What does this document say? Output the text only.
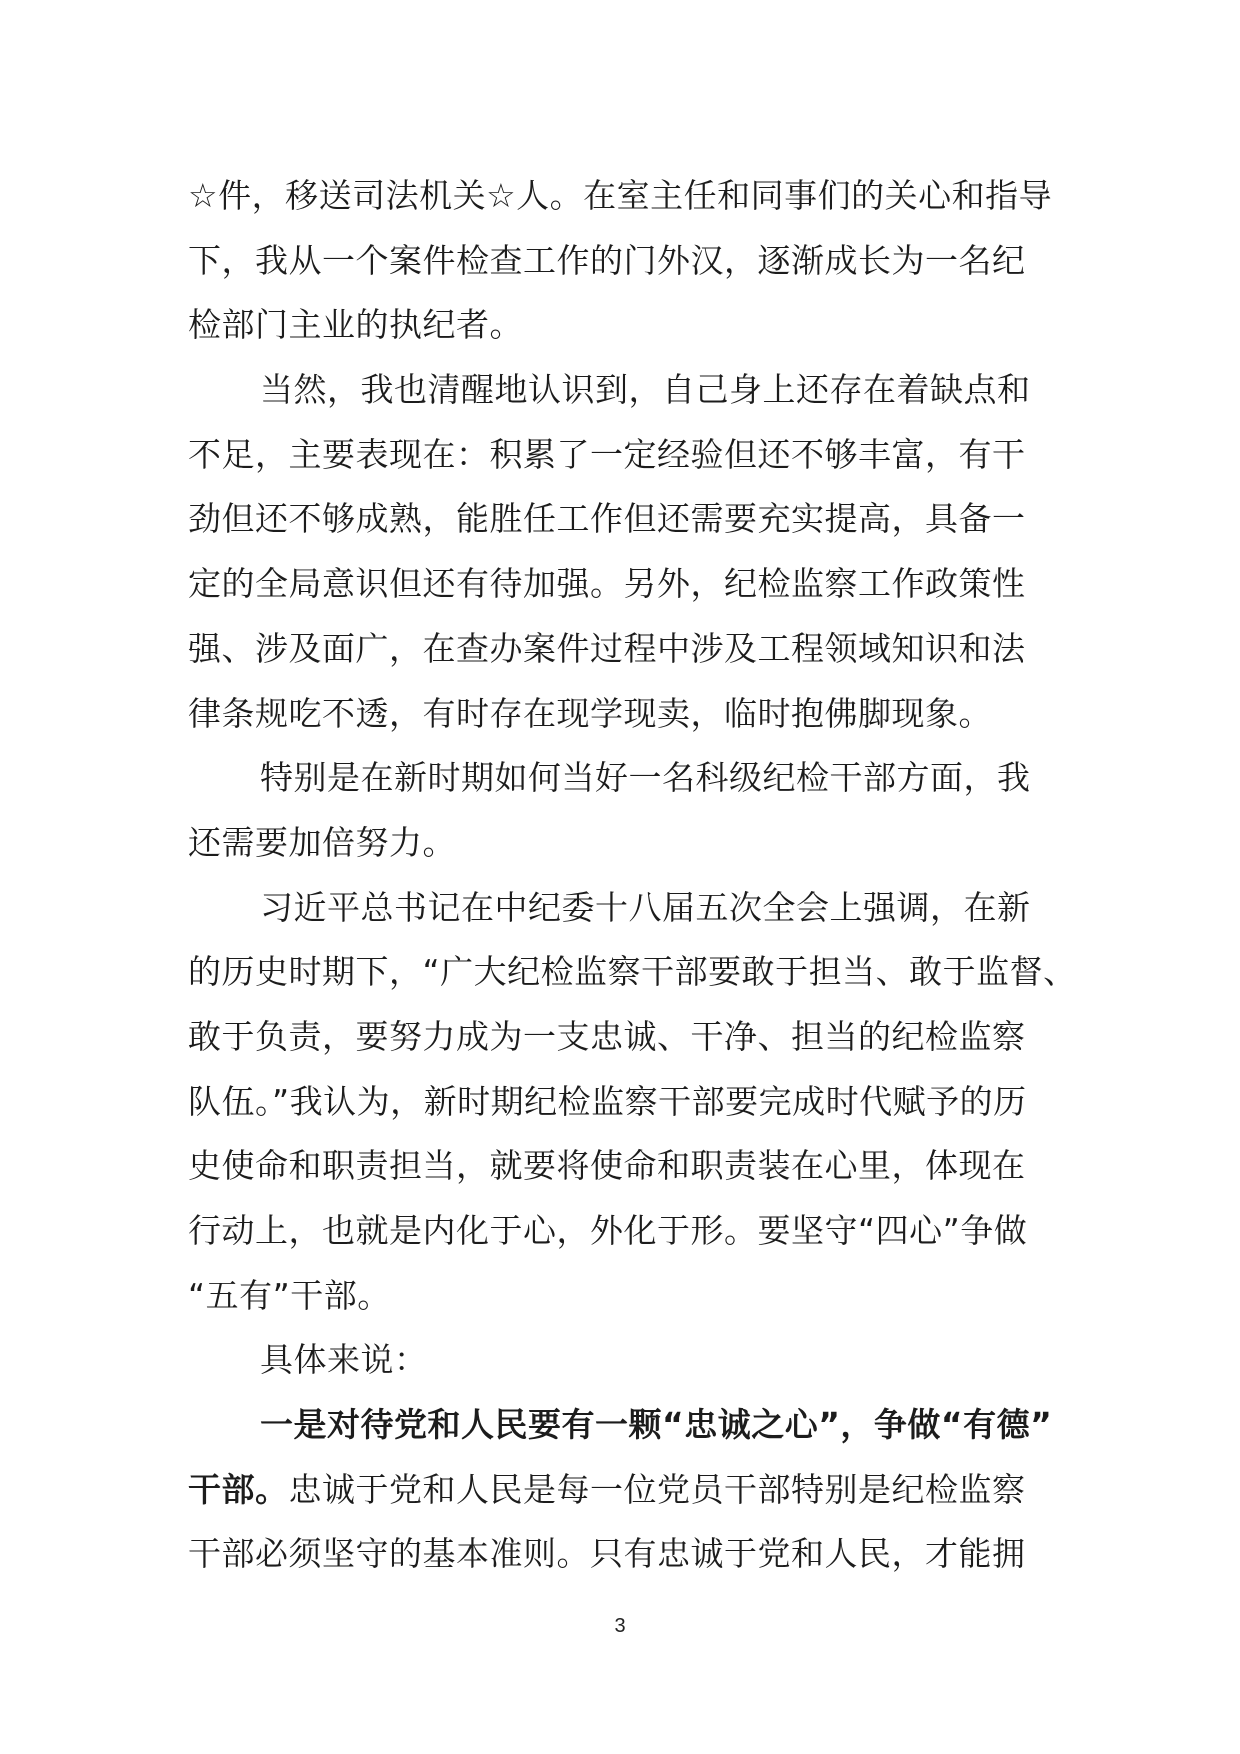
☆件，移送司法机关☆人。在室主任和同事们的关心和指导
下，我从一个案件检查工作的门外汉，逐渐成长为一名纪
检部门主业的执纪者。
当然，我也清醒地认识到，自己身上还存在着缺点和
不足，主要表现在：积累了一定经验但还不够丰富，有干
劲但还不够成熟，能胜任工作但还需要充实提高，具备一
定的全局意识但还有待加强。另外，纪检监察工作政策性
强、涉及面广，在查办案件过程中涉及工程领域知识和法
律条规吃不透，有时存在现学现卖，临时抱佛脚现象。
特别是在新时期如何当好一名科级纪检干部方面，我
还需要加倍努力。
习近平总书记在中纪委十八届五次全会上强调，在新
的历史时期下，“广大纪检监察干部要敢于担当、敢于监督、
敢于负责，要努力成为一支忠诚、干净、担当的纪检监察
队伍。”我认为，新时期纪检监察干部要完成时代赋予的历
史使命和职责担当，就要将使命和职责装在心里，体现在
行动上，也就是内化于心，外化于形。要坚守“四心”争做
“五有”干部。
具体来说：
一是对待党和人民要有一颗“忠诚之心”，争做“有德”
干部。忠诚于党和人民是每一位党员干部特别是纪检监察
干部必须坚守的基本准则。只有忠诚于党和人民，才能拥
3
